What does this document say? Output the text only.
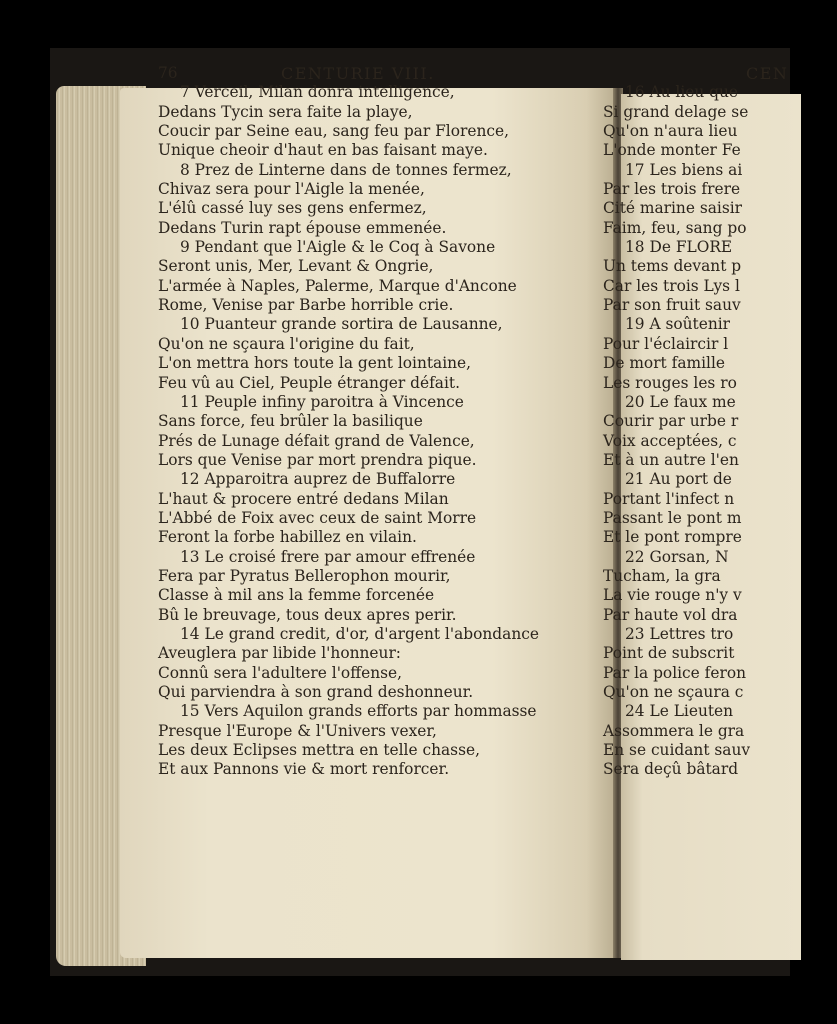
76	CENTURIE VIII.
7 Verceil, Milan donra intelligence,
Dedans Tycin sera faite la playe,
Coucir par Seine eau, sang feu par Florence,
Unique cheoir d'haut en bas faisant maye.
8 Prez de Linterne dans de tonnes fermez,
Chivaz sera pour l'Aigle la menée,
L'élû cassé luy ses gens enfermez,
Dedans Turin rapt épouse emmenée.
9 Pendant que l'Aigle & le Coq à Savone
Seront unis, Mer, Levant & Ongrie,
L'armée à Naples, Palerme, Marque d'Ancone
Rome, Venise par Barbe horrible crie.
10 Puanteur grande sortira de Lausanne,
Qu'on ne sçaura l'origine du fait,
L'on mettra hors toute la gent lointaine,
Feu vû au Ciel, Peuple étranger défait.
11 Peuple infiny paroitra à Vincence
Sans force, feu brûler la basilique
Prés de Lunage défait grand de Valence,
Lors que Venise par mort prendra pique.
12 Apparoitra auprez de Buffalorre
L'haut & procere entré dedans Milan
L'Abbé de Foix avec ceux de saint Morre
Feront la forbe habillez en vilain.
13 Le croisé frere par amour effrenée
Fera par Pyratus Bellerophon mourir,
Classe à mil ans la femme forcenée
Bû le breuvage, tous deux apres perir.
14 Le grand credit, d'or, d'argent l'abondance
Aveuglera par libide l'honneur:
Connû sera l'adultere l'offense,
Qui parviendra à son grand deshonneur.
15 Vers Aquilon grands efforts par hommasse
Presque l'Europe & l'Univers vexer,
Les deux Eclipses mettra en telle chasse,
Et aux Pannons vie & mort renforcer.
CEN
16 Au lieu que
Si grand delage se
Qu'on n'aura lieu
L'onde monter Fe
17 Les biens ai
Par les trois frere
Cité marine saisir
Faim, feu, sang po
18 De FLORE
Un tems devant p
Car les trois Lys l
Par son fruit sauv
19 A soûtenir
Pour l'éclaircir l
De mort famille
Les rouges les ro
20 Le faux me
Courir par urbe r
Voix acceptées, c
Et à un autre l'en
21 Au port de
Portant l'infect n
Passant le pont m
Et le pont rompre
22 Gorsan, N
Tucham, la gra
La vie rouge n'y v
Par haute vol dra
23 Lettres tro
Point de subscrit
Par la police feron
Qu'on ne sçaura c
24 Le Lieuten
Assommera le gra
En se cuidant sauv
Sera deçû bâtard
